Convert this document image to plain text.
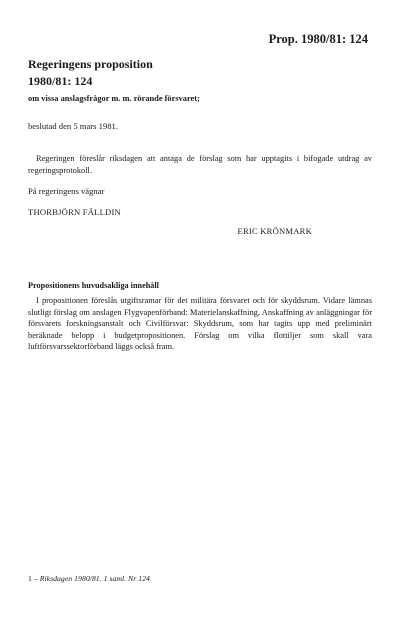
Prop. 1980/81: 124
Regeringens proposition
1980/81: 124
om vissa anslagsfrågor m. m. rörande försvaret;
beslutad den 5 mars 1981.

Regeringen föreslår riksdagen att antaga de förslag som har upptagits i bifogade utdrag av regeringsprotokoll.

På regeringens vägnar
THORBJÖRN FÄLLDIN
ERIC KRÖNMARK
Propositionens huvudsakliga innehåll

I propositionen föreslås utgiftsramar för det militära försvaret och för skyddsrum. Vidare lämnas slutligt förslag om anslagen Flygvapenförband: Materielanskaffning, Anskaffning av anläggningar för försvarets forskningsanstalt och Civilförsvar: Skyddsrum, som har tagits upp med preliminärt beräknade belopp i budgetpropositionen. Förslag om vilka flottiljer som skall vara luftförsvarssektorförband läggs också fram.

1 – Riksdagen 1980/81. 1 saml. Nr 124
